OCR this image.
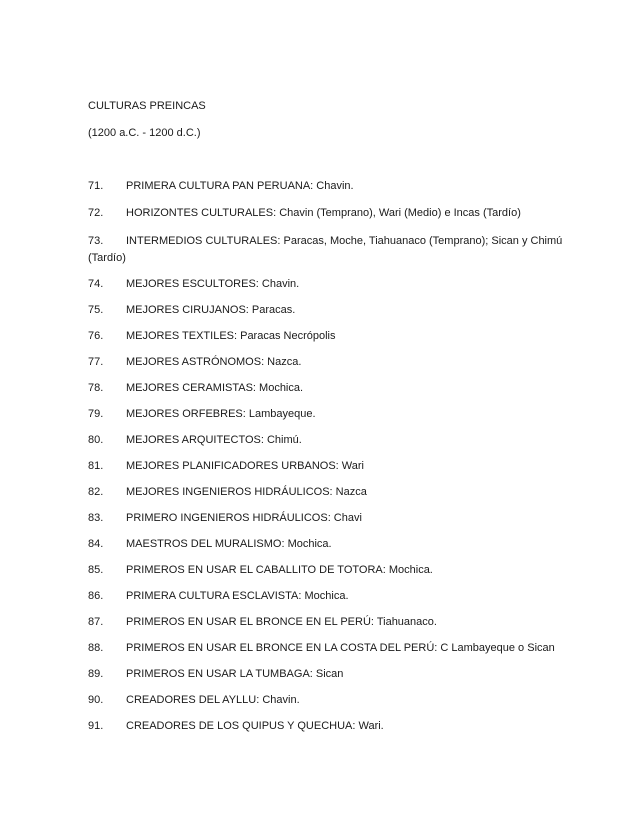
CULTURAS PREINCAS
(1200 a.C. - 1200 d.C.)
71. PRIMERA CULTURA PAN PERUANA: Chavin.
72. HORIZONTES CULTURALES: Chavin (Temprano), Wari (Medio) e Incas (Tardío)
73. INTERMEDIOS CULTURALES: Paracas, Moche, Tiahuanaco (Temprano); Sican y Chimú
(Tardío)
74. MEJORES ESCULTORES: Chavin.
75. MEJORES CIRUJANOS: Paracas.
76. MEJORES TEXTILES: Paracas Necrópolis
77. MEJORES ASTRÓNOMOS: Nazca.
78. MEJORES CERAMISTAS: Mochica.
79. MEJORES ORFEBRES: Lambayeque.
80. MEJORES ARQUITECTOS: Chimú.
81. MEJORES PLANIFICADORES URBANOS: Wari
82. MEJORES INGENIEROS HIDRÁULICOS: Nazca
83. PRIMERO INGENIEROS HIDRÁULICOS: Chavi
84. MAESTROS DEL MURALISMO: Mochica.
85. PRIMEROS EN USAR EL CABALLITO DE TOTORA: Mochica.
86. PRIMERA CULTURA ESCLAVISTA: Mochica.
87. PRIMEROS EN USAR EL BRONCE EN EL PERÚ: Tiahuanaco.
88. PRIMEROS EN USAR EL BRONCE EN LA COSTA DEL PERÚ: C Lambayeque o Sican
89. PRIMEROS EN USAR LA TUMBAGA: Sican
90. CREADORES DEL AYLLU: Chavin.
91. CREADORES DE LOS QUIPUS Y QUECHUA: Wari.
